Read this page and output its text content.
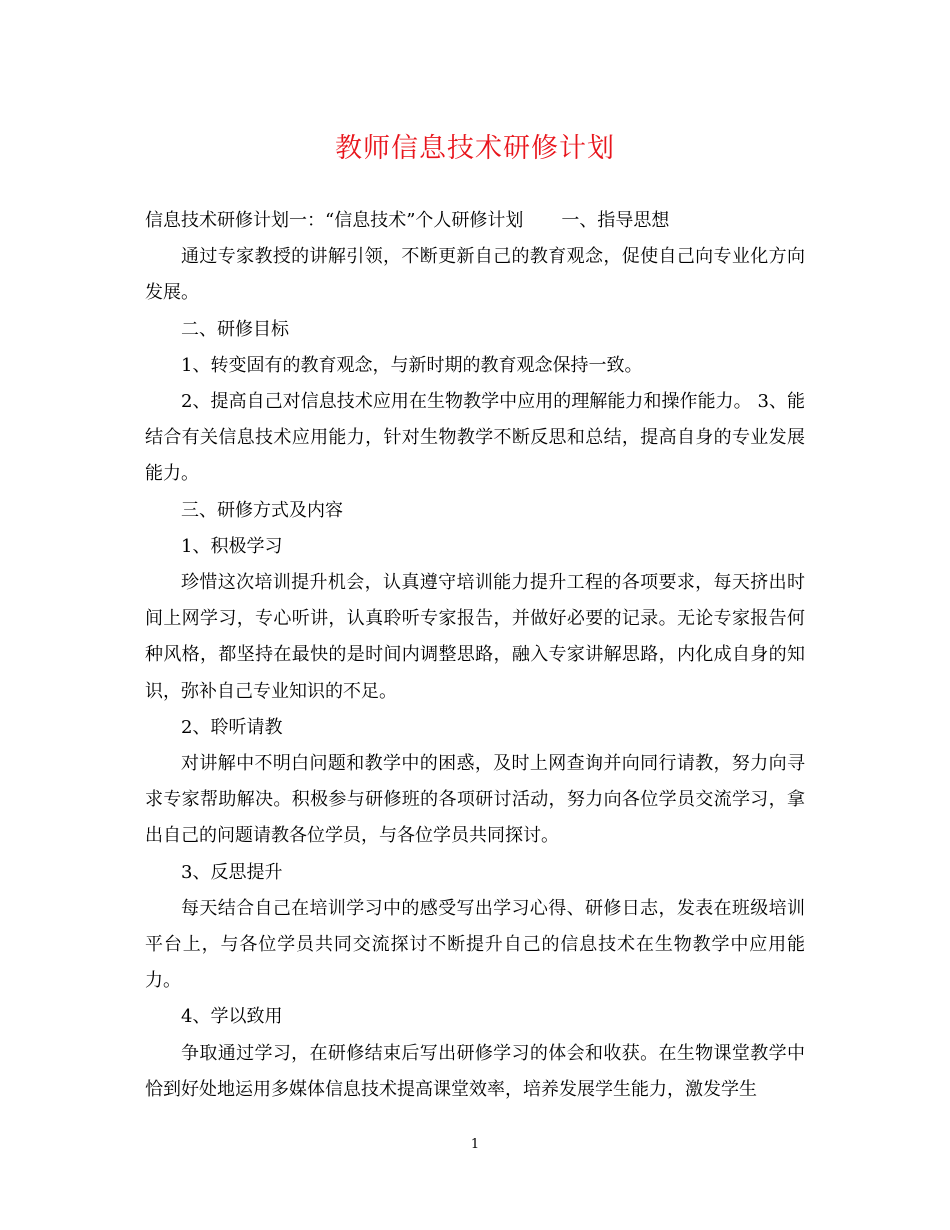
教师信息技术研修计划

信息技术研修计划一：“信息技术”个人研修计划 一、指导思想

通过专家教授的讲解引领，不断更新自己的教育观念，促使自己向专业化方向发展。

二、研修目标

1、转变固有的教育观念，与新时期的教育观念保持一致。

2、提高自己对信息技术应用在生物教学中应用的理解能力和操作能力。 3、能结合有关信息技术应用能力，针对生物教学不断反思和总结，提高自身的专业发展能力。

三、研修方式及内容

1、积极学习

珍惜这次培训提升机会，认真遵守培训能力提升工程的各项要求，每天挤出时间上网学习，专心听讲，认真聆听专家报告，并做好必要的记录。无论专家报告何种风格，都坚持在最快的是时间内调整思路，融入专家讲解思路，内化成自身的知识，弥补自己专业知识的不足。

2、聆听请教

对讲解中不明白问题和教学中的困惑，及时上网查询并向同行请教，努力向寻求专家帮助解决。积极参与研修班的各项研讨活动，努力向各位学员交流学习，拿出自己的问题请教各位学员，与各位学员共同探讨。

3、反思提升

每天结合自己在培训学习中的感受写出学习心得、研修日志，发表在班级培训平台上，与各位学员共同交流探讨不断提升自己的信息技术在生物教学中应用能力。

4、学以致用

争取通过学习，在研修结束后写出研修学习的体会和收获。在生物课堂教学中恰到好处地运用多媒体信息技术提高课堂效率，培养发展学生能力，激发学生

1
